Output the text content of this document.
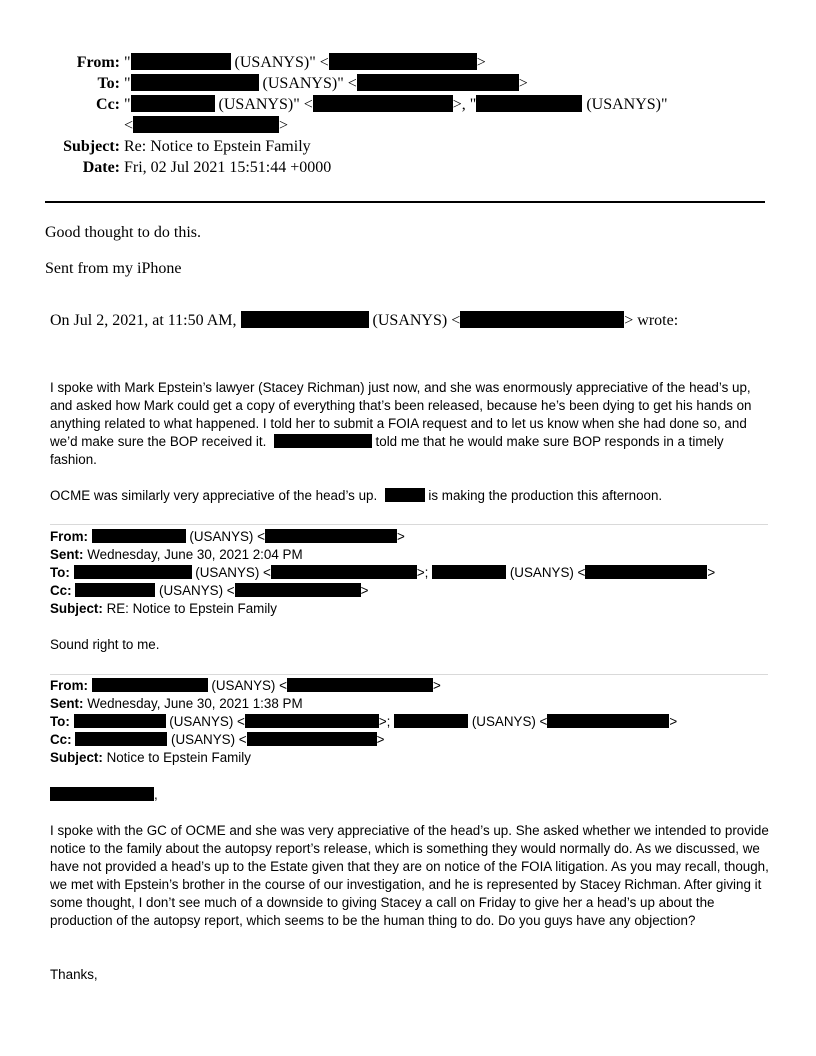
From: "	(USANYS)" <	>
To: "	(USANYS)" <	>
Cc: "	(USANYS)" <	>, "	(USANYS)"
<	>
Subject: Re: Notice to Epstein Family
Date: Fri, 02 Jul 2021 15:51:44 +0000
Good thought to do this.
Sent from my iPhone
On Jul 2, 2021, at 11:50 AM,	(USANYS) <	> wrote:

I spoke with Mark Epstein’s lawyer (Stacey Richman) just now, and she was enormously appreciative of the head’s up, and asked how Mark could get a copy of everything that’s been released, because he’s been dying to get his hands on anything related to what happened. I told her to submit a FOIA request and to let us know when she had done so, and we’d make sure the BOP received it.	told me that he would make sure BOP responds in a timely fashion.

OCME was similarly very appreciative of the head’s up.	is making the production this afternoon.

From:	(USANYS) <	>
Sent: Wednesday, June 30, 2021 2:04 PM
To:	(USANYS) <	>;	(USANYS) <	>
Cc:	(USANYS) <	>
Subject: RE: Notice to Epstein Family
Sound right to me.
From:	(USANYS) <	>
Sent: Wednesday, June 30, 2021 1:38 PM
To:	(USANYS) <	>;	(USANYS) <	>
Cc:	(USANYS) <	>
Subject: Notice to Epstein Family
,
I spoke with the GC of OCME and she was very appreciative of the head’s up. She asked whether we intended to provide notice to the family about the autopsy report’s release, which is something they would normally do. As we discussed, we have not provided a head’s up to the Estate given that they are on notice of the FOIA litigation. As you may recall, though, we met with Epstein’s brother in the course of our investigation, and he is represented by Stacey Richman. After giving it some thought, I don’t see much of a downside to giving Stacey a call on Friday to give her a head’s up about the production of the autopsy report, which seems to be the human thing to do. Do you guys have any objection?
Thanks,
